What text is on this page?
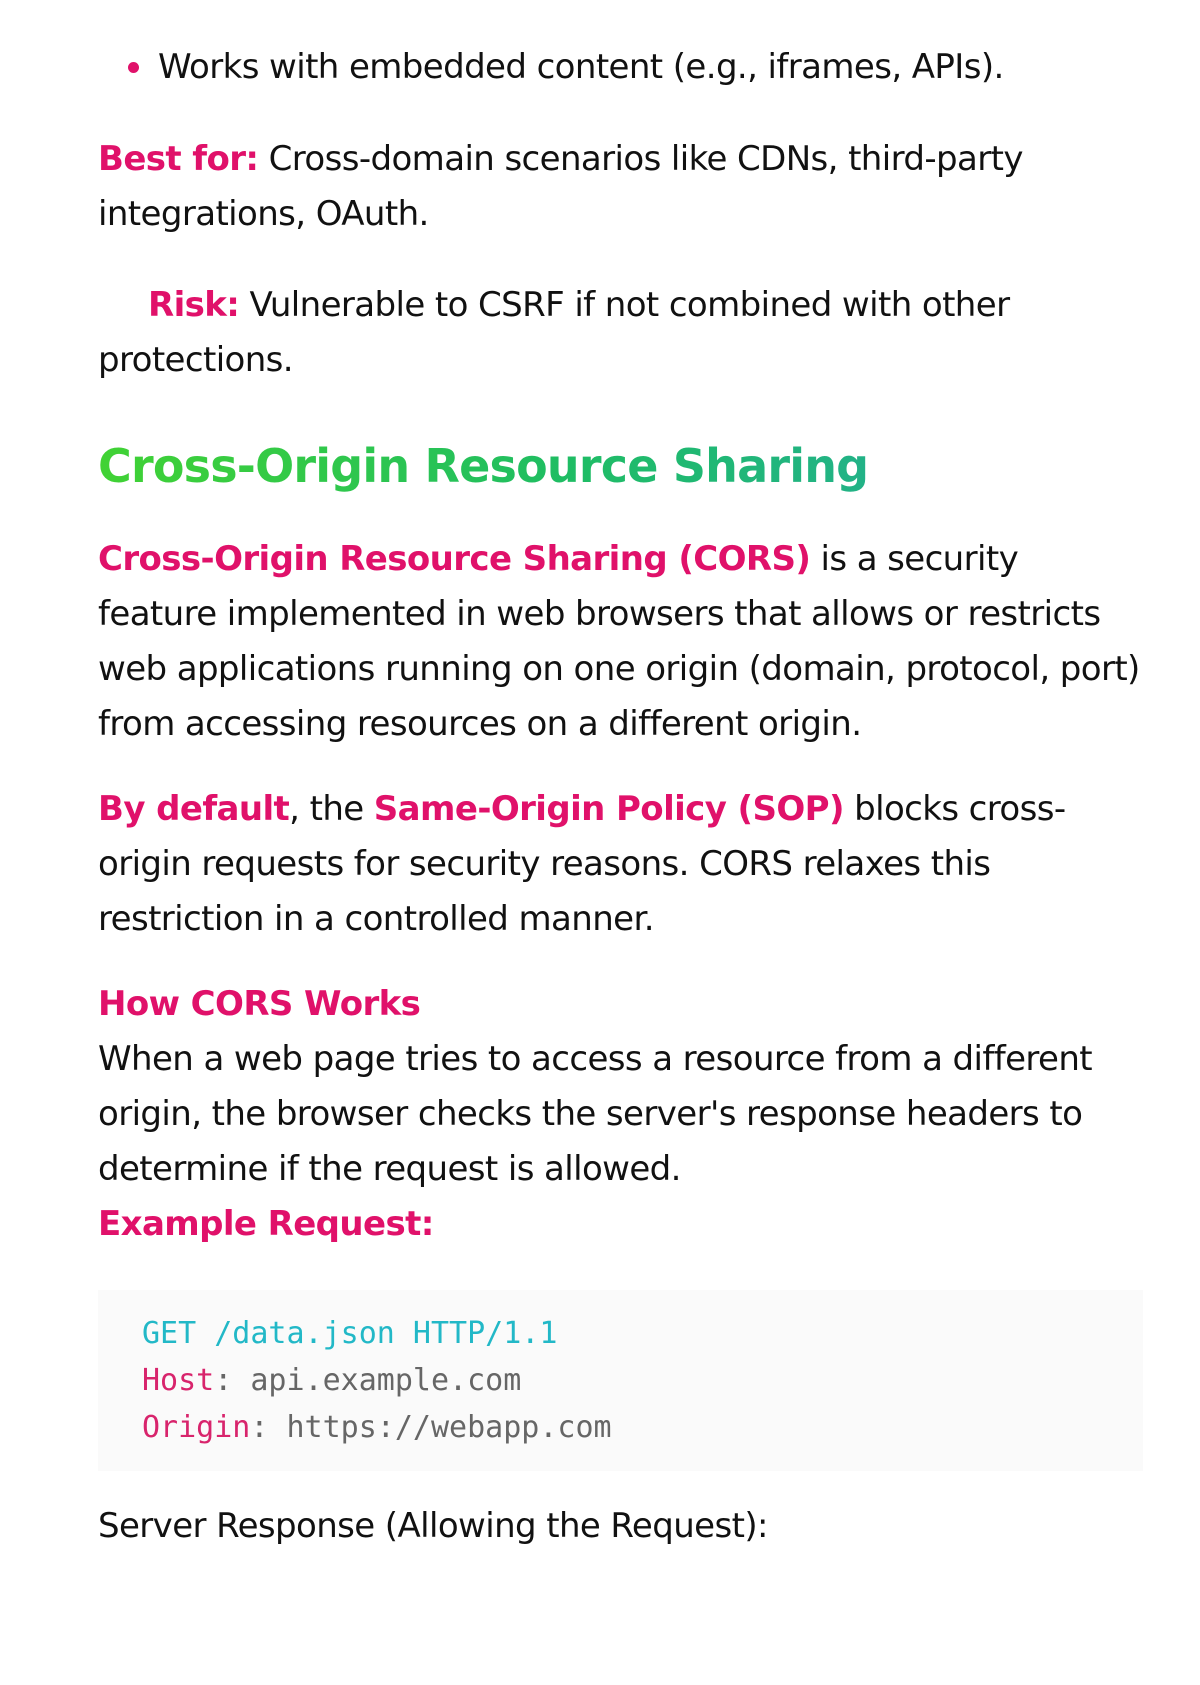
Works with embedded content (e.g., iframes, APIs).

Best for: Cross-domain scenarios like CDNs, third-party integrations, OAuth.

Risk: Vulnerable to CSRF if not combined with other protections.

Cross-Origin Resource Sharing

Cross-Origin Resource Sharing (CORS) is a security feature implemented in web browsers that allows or restricts web applications running on one origin (domain, protocol, port) from accessing resources on a different origin.

By default, the Same-Origin Policy (SOP) blocks cross-origin requests for security reasons. CORS relaxes this restriction in a controlled manner.

How CORS Works

When a web page tries to access a resource from a different origin, the browser checks the server's response headers to determine if the request is allowed.

Example Request:
GET /data.json HTTP/1.1
Host: api.example.com
Origin: https://webapp.com

Server Response (Allowing the Request):
